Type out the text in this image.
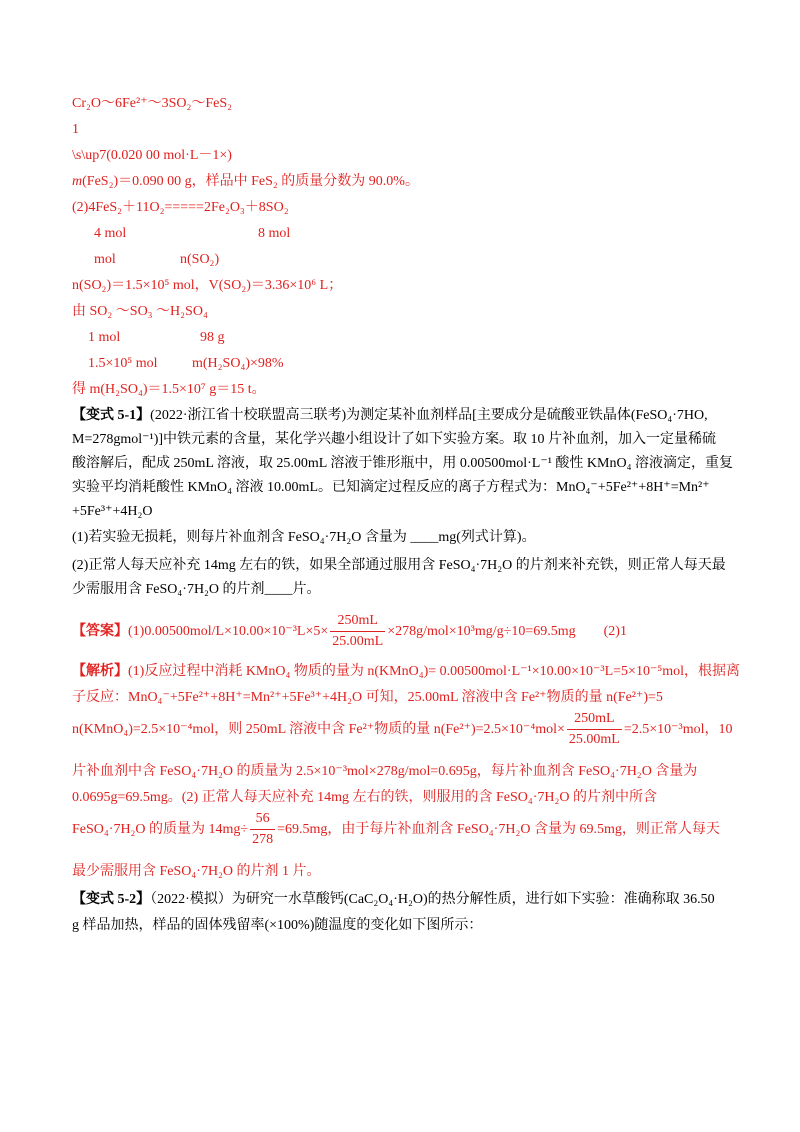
Cr₂O～6Fe²⁺～3SO₂～FeS₂
1
\s\up7(0.020 00 mol·L－1×)
m(FeS₂)＝0.090 00 g，样品中 FeS₂ 的质量分数为 90.0%。
(2)4FeS₂＋11O₂=====2Fe₂O₃＋8SO₂
4 mol	8 mol
mol	n(SO₂)
n(SO₂)＝1.5×10⁵ mol，V(SO₂)＝3.36×10⁶ L；
由 SO₂ ～SO₃ ～H₂SO₄
1 mol	98 g
1.5×10⁵ mol m(H₂SO₄)×98%
得 m(H₂SO₄)＝1.5×10⁷ g＝15 t。
【变式 5-1】(2022·浙江省十校联盟高三联考)为测定某补血剂样品[主要成分是硫酸亚铁晶体(FeSO₄·7HO,
M=278gmol⁻¹)]中铁元素的含量，某化学兴趣小组设计了如下实验方案。取 10 片补血剂，加入一定量稀硫
酸溶解后，配成 250mL 溶液，取 25.00mL 溶液于锥形瓶中，用 0.00500mol·L⁻¹ 酸性 KMnO₄ 溶液滴定，重复
实验平均消耗酸性 KMnO₄ 溶液 10.00mL。已知滴定过程反应的离子方程式为：MnO₄⁻+5Fe²⁺+8H⁺=Mn²⁺
+5Fe³⁺+4H₂O
(1)若实验无损耗，则每片补血剂含 FeSO₄·7H₂O 含量为 ____mg(列式计算)。
(2)正常人每天应补充 14mg 左右的铁，如果全部通过服用含 FeSO₄·7H₂O 的片剂来补充铁，则正常人每天最
少需服用含 FeSO₄·7H₂O 的片剂____片。
【答案】$(1)0.00500mol/L\times 10.00\times 10^{-3}L\times 5\times \frac{250mL}{25.00mL} \times 278g/mol\times 10^3mg/g\div 10=69.5mg$ (2)1
【解析】(1)反应过程中消耗 KMnO₄ 物质的量为 n(KMnO₄)= 0.00500mol·L⁻¹×10.00×10⁻³L=5×10⁻⁵mol，根据离
子反应：MnO₄⁻+5Fe²⁺+8H⁺=Mn²⁺+5Fe³⁺+4H₂O 可知，25.00mL 溶液中含 Fe²⁺物质的量 n(Fe²⁺)=5
n(KMnO₄)=2.5×10⁻⁴mol，则 250mL 溶液中含 Fe²⁺物质的量 $n(Fe^{2+})=2.5\times 10^{-4}mol\times \frac{250mL}{25.00mL} =2.5\times 10^{-3}mol$，10
片补血剂中含 FeSO₄·7H₂O 的质量为 2.5×10⁻³mol×278g/mol=0.695g，每片补血剂含 FeSO₄·7H₂O 含量为
0.0695g=69.5mg。(2) 正常人每天应补充 14mg 左右的铁，则服用的含 FeSO₄·7H₂O 的片剂中所含
FeSO₄·7H₂O 的质量为 $14mg\div \frac{56}{278} =69.5mg$，由于每片补血剂含 FeSO₄·7H₂O 含量为 69.5mg，则正常人每天
最少需服用含 FeSO₄·7H₂O 的片剂 1 片。
【变式 5-2】（2022·模拟）为研究一水草酸钙(CaC₂O₄·H₂O)的热分解性质，进行如下实验：准确称取 36.50
g 样品加热，样品的固体残留率(×100%)随温度的变化如下图所示：
